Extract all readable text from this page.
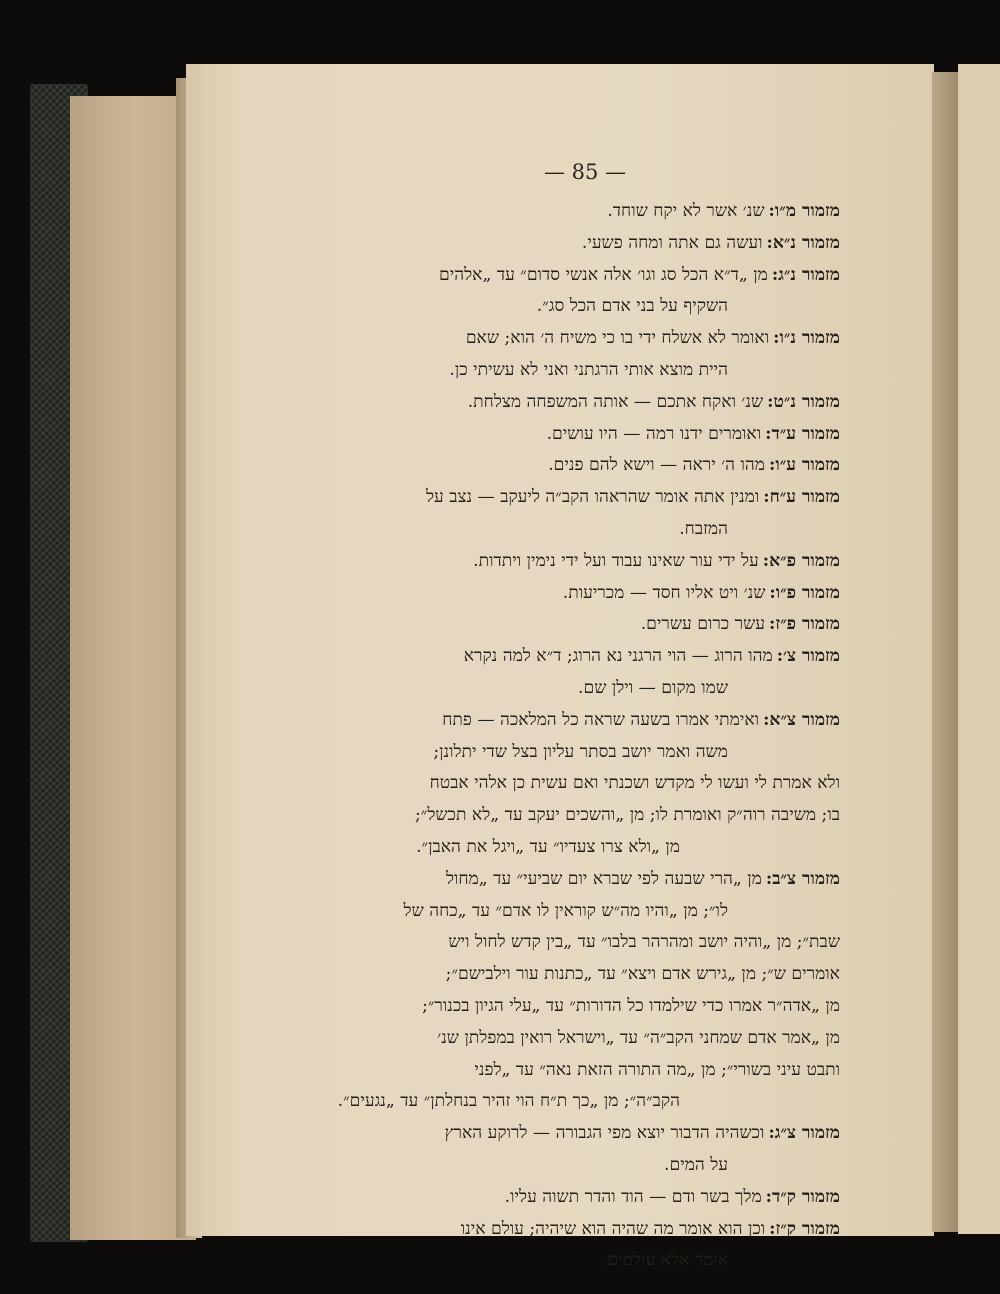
— 85 —

מזמור מ״ו:שנ׳ אשר לא יקח שוחד.

מזמור נ״א:ועשה גם אתה ומחה פשעי.

מזמור נ״ג:מן „ד״א הכל סג וגו׳ אלה אנשי סדום״ עד „אלהים
השקיף על בני אדם הכל סג״.

מזמור נ״ו:ואומר לא אשלח ידי בו כי משיח ה׳ הוא; שאם
היית מוצא אותי הרגתני ואני לא עשיתי כן.

מזמור נ״ט:שנ׳ ואקח אתכם — אותה המשפחה מצלחת.

מזמור ע״ד:ואומרים ידנו רמה — היו עושים.

מזמור ע״ו:מהו ה׳ יראה — וישא להם פנים.

מזמור ע״ח:ומנין אתה אומר שהראהו הקב״ה ליעקב — נצב על
המזבח.

מזמור פ״א:על ידי עור שאינו עבוד ועל ידי נימין ויתדות.

מזמור פ״ו:שנ׳ ויט אליו חסד — מכריעות.

מזמור פ״ז:עשר כרום עשרים.

מזמור צ׳:מהו הרוג — הוי הרגני נא הרוג; ד״א למה נקרא
שמו מקום — וילן שם.

מזמור צ״א:ואימתי אמרו בשעה שראה כל המלאכה — פתח
משה ואמר יושב בסתר עליון בצל שדי יתלונן;

ולא אמרת לי ועשו לי מקדש ושכנתי ואם עשית כן אלהי אבטח
בו; משיבה רוה״ק ואומרת לו; מן „והשכים יעקב עד „לא תכשל״;
מן „ולא צרו צעדיו״ עד „ויגל את האבן״.

מזמור צ״ב:מן „הרי שבעה לפי שברא יום שביעי״ עד „מחול
לו״; מן „והיו מה״ש קוראין לו אדם״ עד „כחה של

שבת״; מן „והיה יושב ומהרהר בלבו״ עד „בין קדש לחול ויש
אומרים ש״; מן „גירש אדם ויצא״ עד „כתנות עור וילבישם״;
מן „אדה״ר אמרו כדי שילמדו כל הדורות״ עד „עלי הגיון בכנור״;
מן „אמר אדם שמחני הקב״ה״ עד „וישראל רואין במפלתן שנ׳
ותבט עיני בשורי״; מן „מה התורה הזאת נאה״ עד „לפני
הקב״ה״; מן „כך ת״ח הוי זהיר בנחלתן״ עד „נגעים״.

מזמור צ״ג:וכשהיה הדבור יוצא מפי הגבורה — לרוקע הארץ
על המים.

מזמור ק״ד:מלך בשר ודם — הוד והדר תשוה עליו.

מזמור ק״ז:וכן הוא אומר מה שהיה הוא שיהיה; עולם אינו
אומר אלא עולמים.
